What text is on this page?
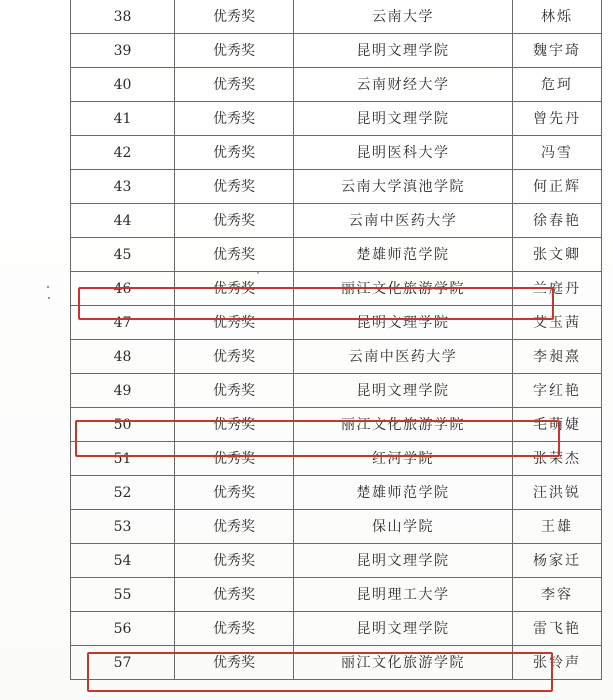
38	优秀奖	云南大学	林烁
39	优秀奖	昆明文理学院	魏宇琦
40	优秀奖	云南财经大学	危珂
41	优秀奖	昆明文理学院	曾先丹
42	优秀奖	昆明医科大学	冯雪
43	优秀奖	云南大学滇池学院	何正辉
44	优秀奖	云南中医药大学	徐春艳
45	优秀奖	楚雄师范学院	张文卿
46	优秀奖	丽江文化旅游学院	兰庭丹
47	优秀奖	昆明文理学院	艾玉茜
48	优秀奖	云南中医药大学	李昶熹
49	优秀奖	昆明文理学院	字红艳
50	优秀奖	丽江文化旅游学院	毛萌婕
51	优秀奖	红河学院	张荣杰
52	优秀奖	楚雄师范学院	汪洪锐
53	优秀奖	保山学院	王雄
54	优秀奖	昆明文理学院	杨家迁
55	优秀奖	昆明理工大学	李容
56	优秀奖	昆明文理学院	雷飞艳
57	优秀奖	丽江文化旅游学院	张铃声
